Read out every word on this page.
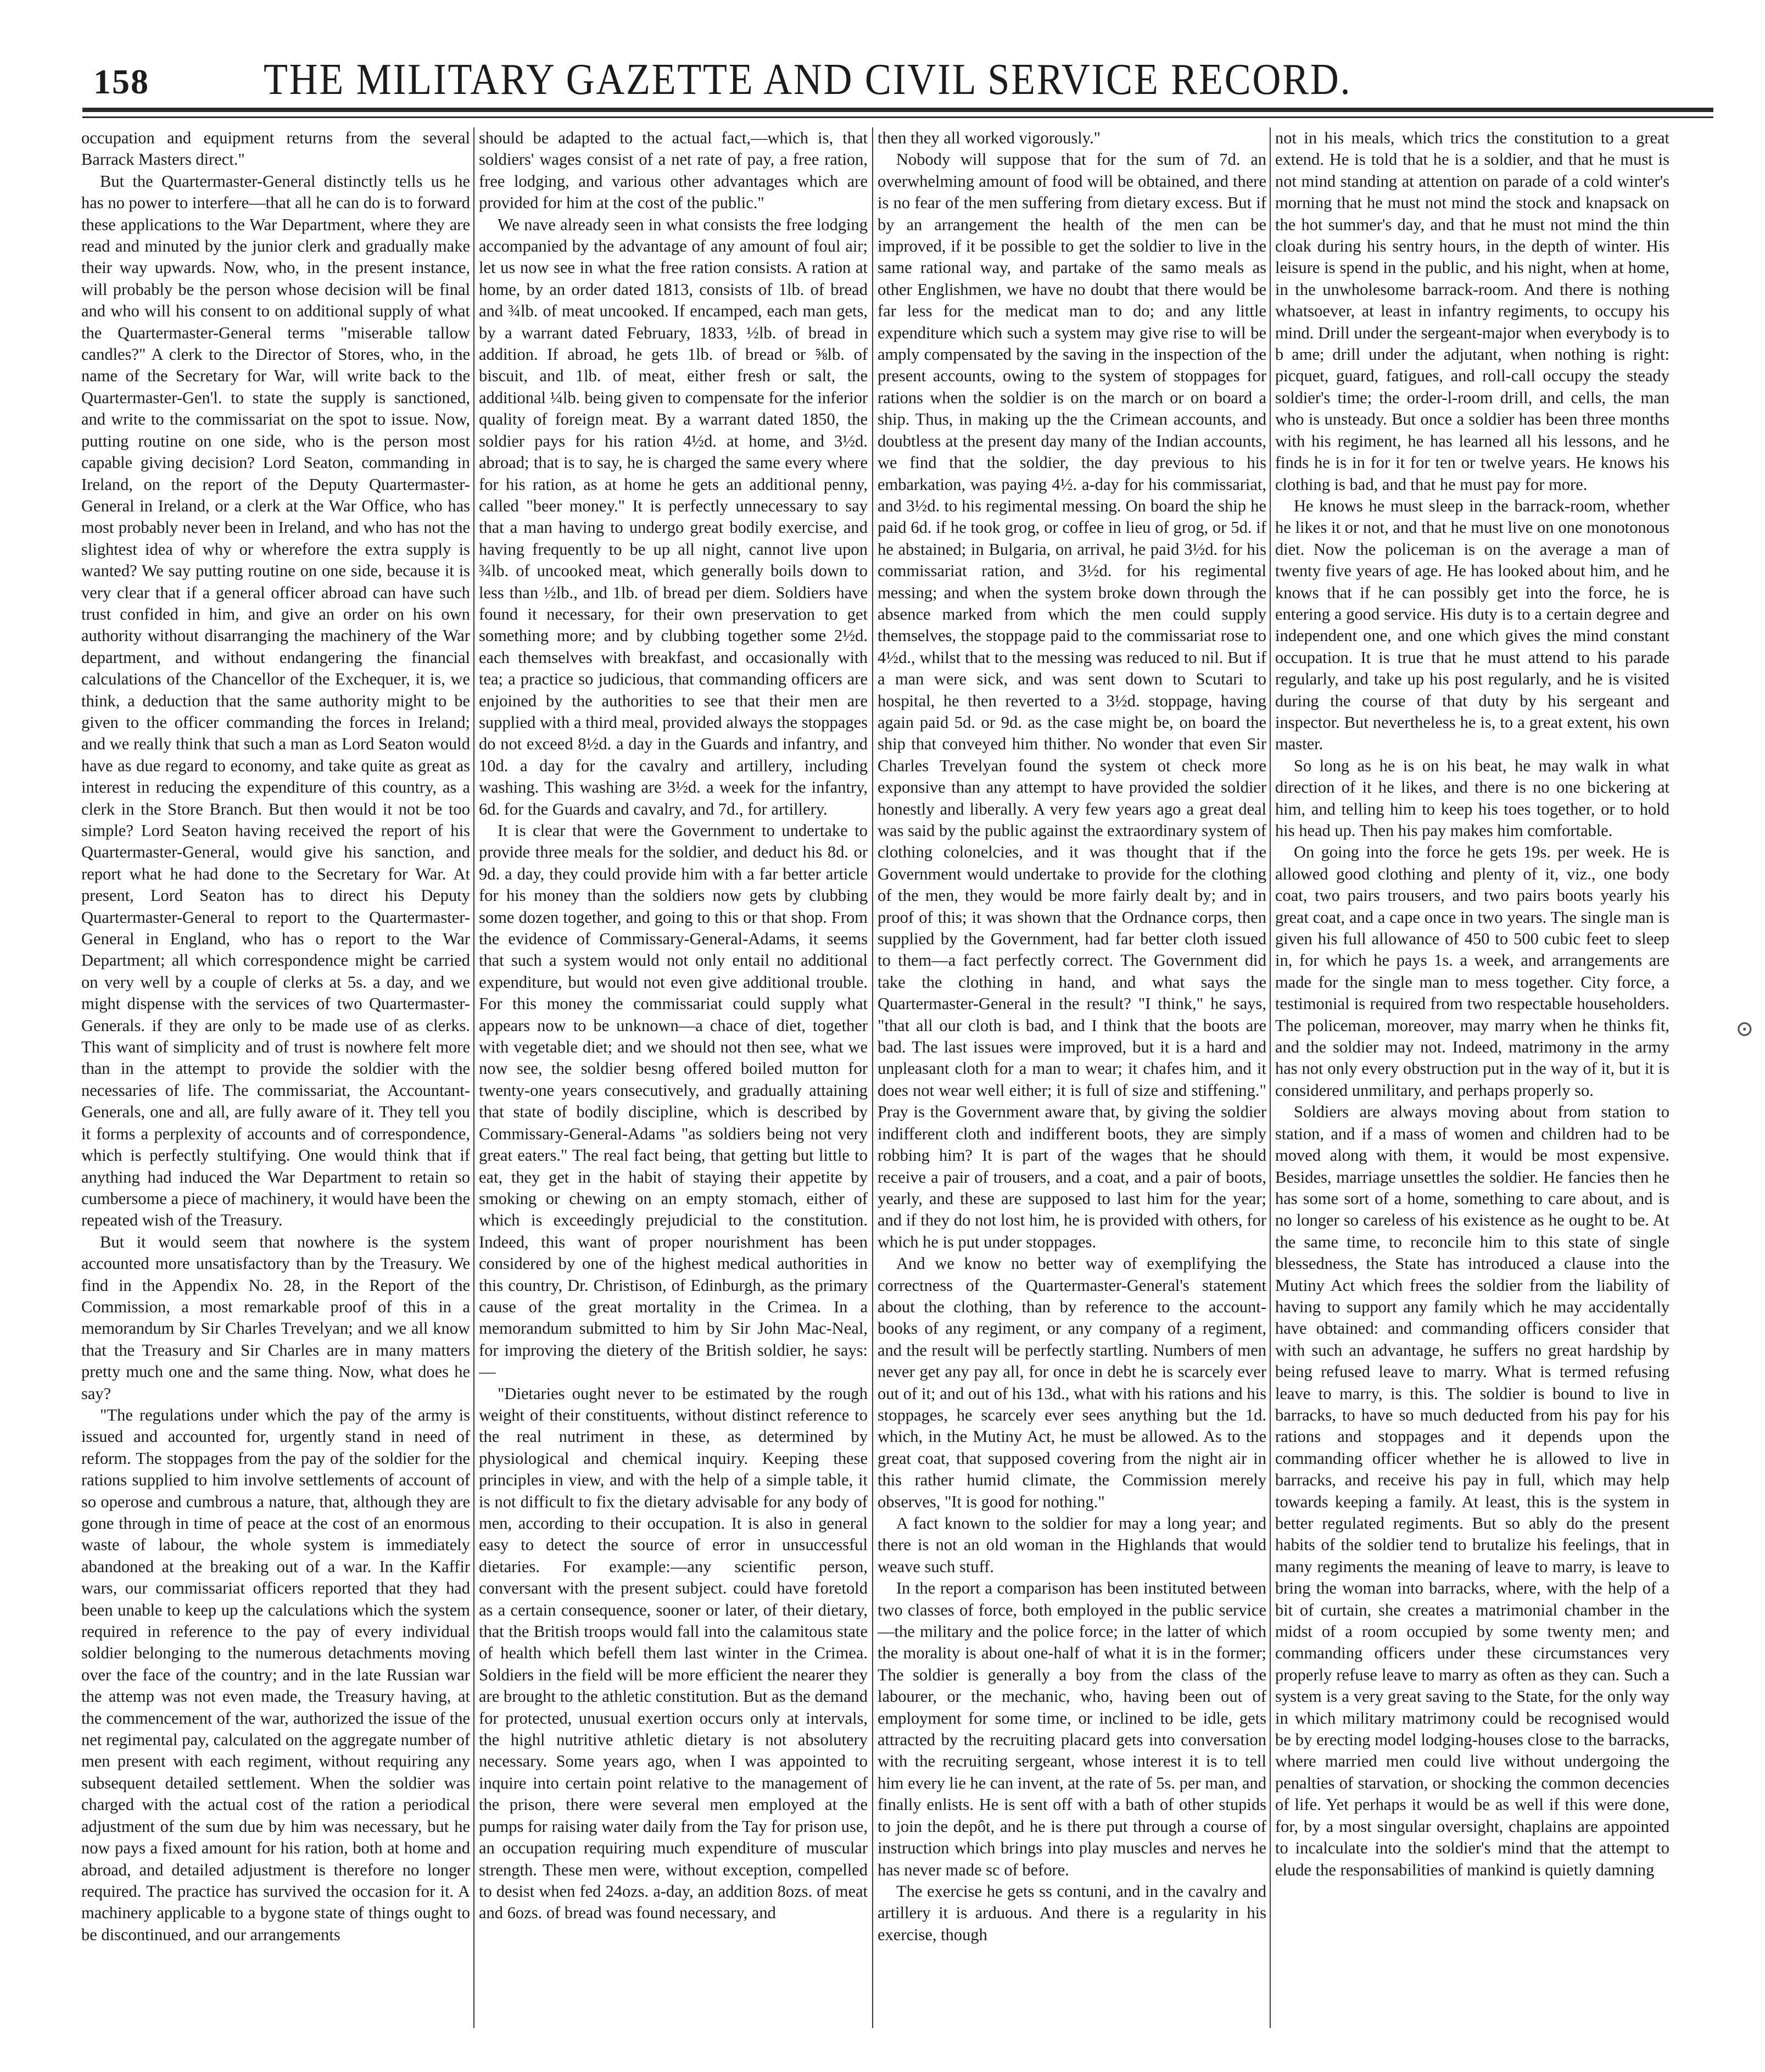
158	THE MILITARY GAZETTE AND CIVIL SERVICE RECORD.

occupation and equipment returns from the several Barrack Masters direct."

But the Quartermaster-General distinctly tells us he has no power to interfere—that all he can do is to forward these applications to the War Department, where they are read and minuted by the junior clerk and gradually make their way upwards. Now, who, in the present instance, will probably be the person whose decision will be final and who will his consent to on additional supply of what the Quartermaster-General terms "miserable tallow candles?" A clerk to the Director of Stores, who, in the name of the Secretary for War, will write back to the Quartermaster-Gen'l. to state the supply is sanctioned, and write to the commissariat on the spot to issue. Now, putting routine on one side, who is the person most capable giving decision? Lord Seaton, commanding in Ireland, on the report of the Deputy Quartermaster-General in Ireland, or a clerk at the War Office, who has most probably never been in Ireland, and who has not the slightest idea of why or wherefore the extra supply is wanted? We say putting routine on one side, because it is very clear that if a general officer abroad can have such trust confided in him, and give an order on his own authority without disarranging the machinery of the War department, and without endangering the financial calculations of the Chancellor of the Exchequer, it is, we think, a deduction that the same authority might to be given to the officer commanding the forces in Ireland; and we really think that such a man as Lord Seaton would have as due regard to economy, and take quite as great as interest in reducing the expenditure of this country, as a clerk in the Store Branch. But then would it not be too simple? Lord Seaton having received the report of his Quartermaster-General, would give his sanction, and report what he had done to the Secretary for War. At present, Lord Seaton has to direct his Deputy Quartermaster-General to report to the Quartermaster-General in England, who has o report to the War Department; all which correspondence might be carried on very well by a couple of clerks at 5s. a day, and we might dispense with the services of two Quartermaster-Generals. if they are only to be made use of as clerks. This want of simplicity and of trust is nowhere felt more than in the attempt to provide the soldier with the necessaries of life. The commissariat, the Accountant-Generals, one and all, are fully aware of it. They tell you it forms a perplexity of accounts and of correspondence, which is perfectly stultifying. One would think that if anything had induced the War Department to retain so cumbersome a piece of machinery, it would have been the repeated wish of the Treasury.

But it would seem that nowhere is the system accounted more unsatisfactory than by the Treasury. We find in the Appendix No. 28, in the Report of the Commission, a most remarkable proof of this in a memorandum by Sir Charles Trevelyan; and we all know that the Treasury and Sir Charles are in many matters pretty much one and the same thing. Now, what does he say?

"The regulations under which the pay of the army is issued and accounted for, urgently stand in need of reform. The stoppages from the pay of the soldier for the rations supplied to him involve settlements of account of so operose and cumbrous a nature, that, although they are gone through in time of peace at the cost of an enormous waste of labour, the whole system is immediately abandoned at the breaking out of a war. In the Kaffir wars, our commissariat officers reported that they had been unable to keep up the calculations which the system required in reference to the pay of every individual soldier belonging to the numerous detachments moving over the face of the country; and in the late Russian war the attemp was not even made, the Treasury having, at the commencement of the war, authorized the issue of the net regimental pay, calculated on the aggregate number of men present with each regiment, without requiring any subsequent detailed settlement. When the soldier was charged with the actual cost of the ration a periodical adjustment of the sum due by him was necessary, but he now pays a fixed amount for his ration, both at home and abroad, and detailed adjustment is therefore no longer required. The practice has survived the occasion for it. A machinery applicable to a bygone state of things ought to be discontinued, and our arrangements

should be adapted to the actual fact,—which is, that soldiers' wages consist of a net rate of pay, a free ration, free lodging, and various other advantages which are provided for him at the cost of the public."

We nave already seen in what consists the free lodging accompanied by the advantage of any amount of foul air; let us now see in what the free ration consists. A ration at home, by an order dated 1813, consists of 1lb. of bread and ¾lb. of meat uncooked. If encamped, each man gets, by a warrant dated February, 1833, ½lb. of bread in addition. If abroad, he gets 1lb. of bread or ⅝lb. of biscuit, and 1lb. of meat, either fresh or salt, the additional ¼lb. being given to compensate for the inferior quality of foreign meat. By a warrant dated 1850, the soldier pays for his ration 4½d. at home, and 3½d. abroad; that is to say, he is charged the same every where for his ration, as at home he gets an additional penny, called "beer money." It is perfectly unnecessary to say that a man having to undergo great bodily exercise, and having frequently to be up all night, cannot live upon ¾lb. of uncooked meat, which generally boils down to less than ½lb., and 1lb. of bread per diem. Soldiers have found it necessary, for their own preservation to get something more; and by clubbing together some 2½d. each themselves with breakfast, and occasionally with tea; a practice so judicious, that commanding officers are enjoined by the authorities to see that their men are supplied with a third meal, provided always the stoppages do not exceed 8½d. a day in the Guards and infantry, and 10d. a day for the cavalry and artillery, including washing. This washing are 3½d. a week for the infantry, 6d. for the Guards and cavalry, and 7d., for artillery.

It is clear that were the Government to undertake to provide three meals for the soldier, and deduct his 8d. or 9d. a day, they could provide him with a far better article for his money than the soldiers now gets by clubbing some dozen together, and going to this or that shop. From the evidence of Commissary-General-Adams, it seems that such a system would not only entail no additional expenditure, but would not even give additional trouble. For this money the commissariat could supply what appears now to be unknown—a chace of diet, together with vegetable diet; and we should not then see, what we now see, the soldier besng offered boiled mutton for twenty-one years consecutively, and gradually attaining that state of bodily discipline, which is described by Commissary-General-Adams "as soldiers being not very great eaters." The real fact being, that getting but little to eat, they get in the habit of staying their appetite by smoking or chewing on an empty stomach, either of which is exceedingly prejudicial to the constitution. Indeed, this want of proper nourishment has been considered by one of the highest medical authorities in this country, Dr. Christison, of Edinburgh, as the primary cause of the great mortality in the Crimea. In a memorandum submitted to him by Sir John Mac-Neal, for improving the dietery of the British soldier, he says:—

"Dietaries ought never to be estimated by the rough weight of their constituents, without distinct reference to the real nutriment in these, as determined by physiological and chemical inquiry. Keeping these principles in view, and with the help of a simple table, it is not difficult to fix the dietary advisable for any body of men, according to their occupation. It is also in general easy to detect the source of error in unsuccessful dietaries. For example:—any scientific person, conversant with the present subject. could have foretold as a certain consequence, sooner or later, of their dietary, that the British troops would fall into the calamitous state of health which befell them last winter in the Crimea. Soldiers in the field will be more efficient the nearer they are brought to the athletic constitution. But as the demand for protected, unusual exertion occurs only at intervals, the highl nutritive athletic dietary is not absolutery necessary. Some years ago, when I was appointed to inquire into certain point relative to the management of the prison, there were several men employed at the pumps for raising water daily from the Tay for prison use, an occupation requiring much expenditure of muscular strength. These men were, without exception, compelled to desist when fed 24ozs. a-day, an addition 8ozs. of meat and 6ozs. of bread was found necessary, and

then they all worked vigorously."

Nobody will suppose that for the sum of 7d. an overwhelming amount of food will be obtained, and there is no fear of the men suffering from dietary excess. But if by an arrangement the health of the men can be improved, if it be possible to get the soldier to live in the same rational way, and partake of the samo meals as other Englishmen, we have no doubt that there would be far less for the medicat man to do; and any little expenditure which such a system may give rise to will be amply compensated by the saving in the inspection of the present accounts, owing to the system of stoppages for rations when the soldier is on the march or on board a ship. Thus, in making up the the Crimean accounts, and doubtless at the present day many of the Indian accounts, we find that the soldier, the day previous to his embarkation, was paying 4½. a-day for his commissariat, and 3½d. to his regimental messing. On board the ship he paid 6d. if he took grog, or coffee in lieu of grog, or 5d. if he abstained; in Bulgaria, on arrival, he paid 3½d. for his commissariat ration, and 3½d. for his regimental messing; and when the system broke down through the absence marked from which the men could supply themselves, the stoppage paid to the commissariat rose to 4½d., whilst that to the messing was reduced to nil. But if a man were sick, and was sent down to Scutari to hospital, he then reverted to a 3½d. stoppage, having again paid 5d. or 9d. as the case might be, on board the ship that conveyed him thither. No wonder that even Sir Charles Trevelyan found the system ot check more exponsive than any attempt to have provided the soldier honestly and liberally. A very few years ago a great deal was said by the public against the extraordinary system of clothing colonelcies, and it was thought that if the Government would undertake to provide for the clothing of the men, they would be more fairly dealt by; and in proof of this; it was shown that the Ordnance corps, then supplied by the Government, had far better cloth issued to them—a fact perfectly correct. The Government did take the clothing in hand, and what says the Quartermaster-General in the result? "I think," he says, "that all our cloth is bad, and I think that the boots are bad. The last issues were improved, but it is a hard and unpleasant cloth for a man to wear; it chafes him, and it does not wear well either; it is full of size and stiffening." Pray is the Government aware that, by giving the soldier indifferent cloth and indifferent boots, they are simply robbing him? It is part of the wages that he should receive a pair of trousers, and a coat, and a pair of boots, yearly, and these are supposed to last him for the year; and if they do not lost him, he is provided with others, for which he is put under stoppages.

And we know no better way of exemplifying the correctness of the Quartermaster-General's statement about the clothing, than by reference to the account-books of any regiment, or any company of a regiment, and the result will be perfectly startling. Numbers of men never get any pay all, for once in debt he is scarcely ever out of it; and out of his 13d., what with his rations and his stoppages, he scarcely ever sees anything but the 1d. which, in the Mutiny Act, he must be allowed. As to the great coat, that supposed covering from the night air in this rather humid climate, the Commission merely observes, "It is good for nothing."

A fact known to the soldier for may a long year; and there is not an old woman in the Highlands that would weave such stuff.

In the report a comparison has been instituted between two classes of force, both employed in the public service—the military and the police force; in the latter of which the morality is about one-half of what it is in the former; The soldier is generally a boy from the class of the labourer, or the mechanic, who, having been out of employment for some time, or inclined to be idle, gets attracted by the recruiting placard gets into conversation with the recruiting sergeant, whose interest it is to tell him every lie he can invent, at the rate of 5s. per man, and finally enlists. He is sent off with a bath of other stupids to join the depôt, and he is there put through a course of instruction which brings into play muscles and nerves he has never made sc of before.

The exercise he gets ss contuni, and in the cavalry and artillery it is arduous. And there is a regularity in his exercise, though

not in his meals, which trics the constitution to a great extend. He is told that he is a soldier, and that he must is not mind standing at attention on parade of a cold winter's morning that he must not mind the stock and knapsack on the hot summer's day, and that he must not mind the thin cloak during his sentry hours, in the depth of winter. His leisure is spend in the public, and his night, when at home, in the unwholesome barrack-room. And there is nothing whatsoever, at least in infantry regiments, to occupy his mind. Drill under the sergeant-major when everybody is to b ame; drill under the adjutant, when nothing is right: picquet, guard, fatigues, and roll-call occupy the steady soldier's time; the order-l-room drill, and cells, the man who is unsteady. But once a soldier has been three months with his regiment, he has learned all his lessons, and he finds he is in for it for ten or twelve years. He knows his clothing is bad, and that he must pay for more.

He knows he must sleep in the barrack-room, whether he likes it or not, and that he must live on one monotonous diet. Now the policeman is on the average a man of twenty five years of age. He has looked about him, and he knows that if he can possibly get into the force, he is entering a good service. His duty is to a certain degree and independent one, and one which gives the mind constant occupation. It is true that he must attend to his parade regularly, and take up his post regularly, and he is visited during the course of that duty by his sergeant and inspector. But nevertheless he is, to a great extent, his own master.

So long as he is on his beat, he may walk in what direction of it he likes, and there is no one bickering at him, and telling him to keep his toes together, or to hold his head up. Then his pay makes him comfortable.

On going into the force he gets 19s. per week. He is allowed good clothing and plenty of it, viz., one body coat, two pairs trousers, and two pairs boots yearly his great coat, and a cape once in two years. The single man is given his full allowance of 450 to 500 cubic feet to sleep in, for which he pays 1s. a week, and arrangements are made for the single man to mess together. City force, a testimonial is required from two respectable householders. The policeman, moreover, may marry when he thinks fit, and the soldier may not. Indeed, matrimony in the army has not only every obstruction put in the way of it, but it is considered unmilitary, and perhaps properly so.

Soldiers are always moving about from station to station, and if a mass of women and children had to be moved along with them, it would be most expensive. Besides, marriage unsettles the soldier. He fancies then he has some sort of a home, something to care about, and is no longer so careless of his existence as he ought to be. At the same time, to reconcile him to this state of single blessedness, the State has introduced a clause into the Mutiny Act which frees the soldier from the liability of having to support any family which he may accidentally have obtained: and commanding officers consider that with such an advantage, he suffers no great hardship by being refused leave to marry. What is termed refusing leave to marry, is this. The soldier is bound to live in barracks, to have so much deducted from his pay for his rations and stoppages and it depends upon the commanding officer whether he is allowed to live in barracks, and receive his pay in full, which may help towards keeping a family. At least, this is the system in better regulated regiments. But so ably do the present habits of the soldier tend to brutalize his feelings, that in many regiments the meaning of leave to marry, is leave to bring the woman into barracks, where, with the help of a bit of curtain, she creates a matrimonial chamber in the midst of a room occupied by some twenty men; and commanding officers under these circumstances very properly refuse leave to marry as often as they can. Such a system is a very great saving to the State, for the only way in which military matrimony could be recognised would be by erecting model lodging-houses close to the barracks, where married men could live without undergoing the penalties of starvation, or shocking the common decencies of life. Yet perhaps it would be as well if this were done, for, by a most singular oversight, chaplains are appointed to incalculate into the soldier's mind that the attempt to elude the responsabilities of mankind is quietly damning

⊙
